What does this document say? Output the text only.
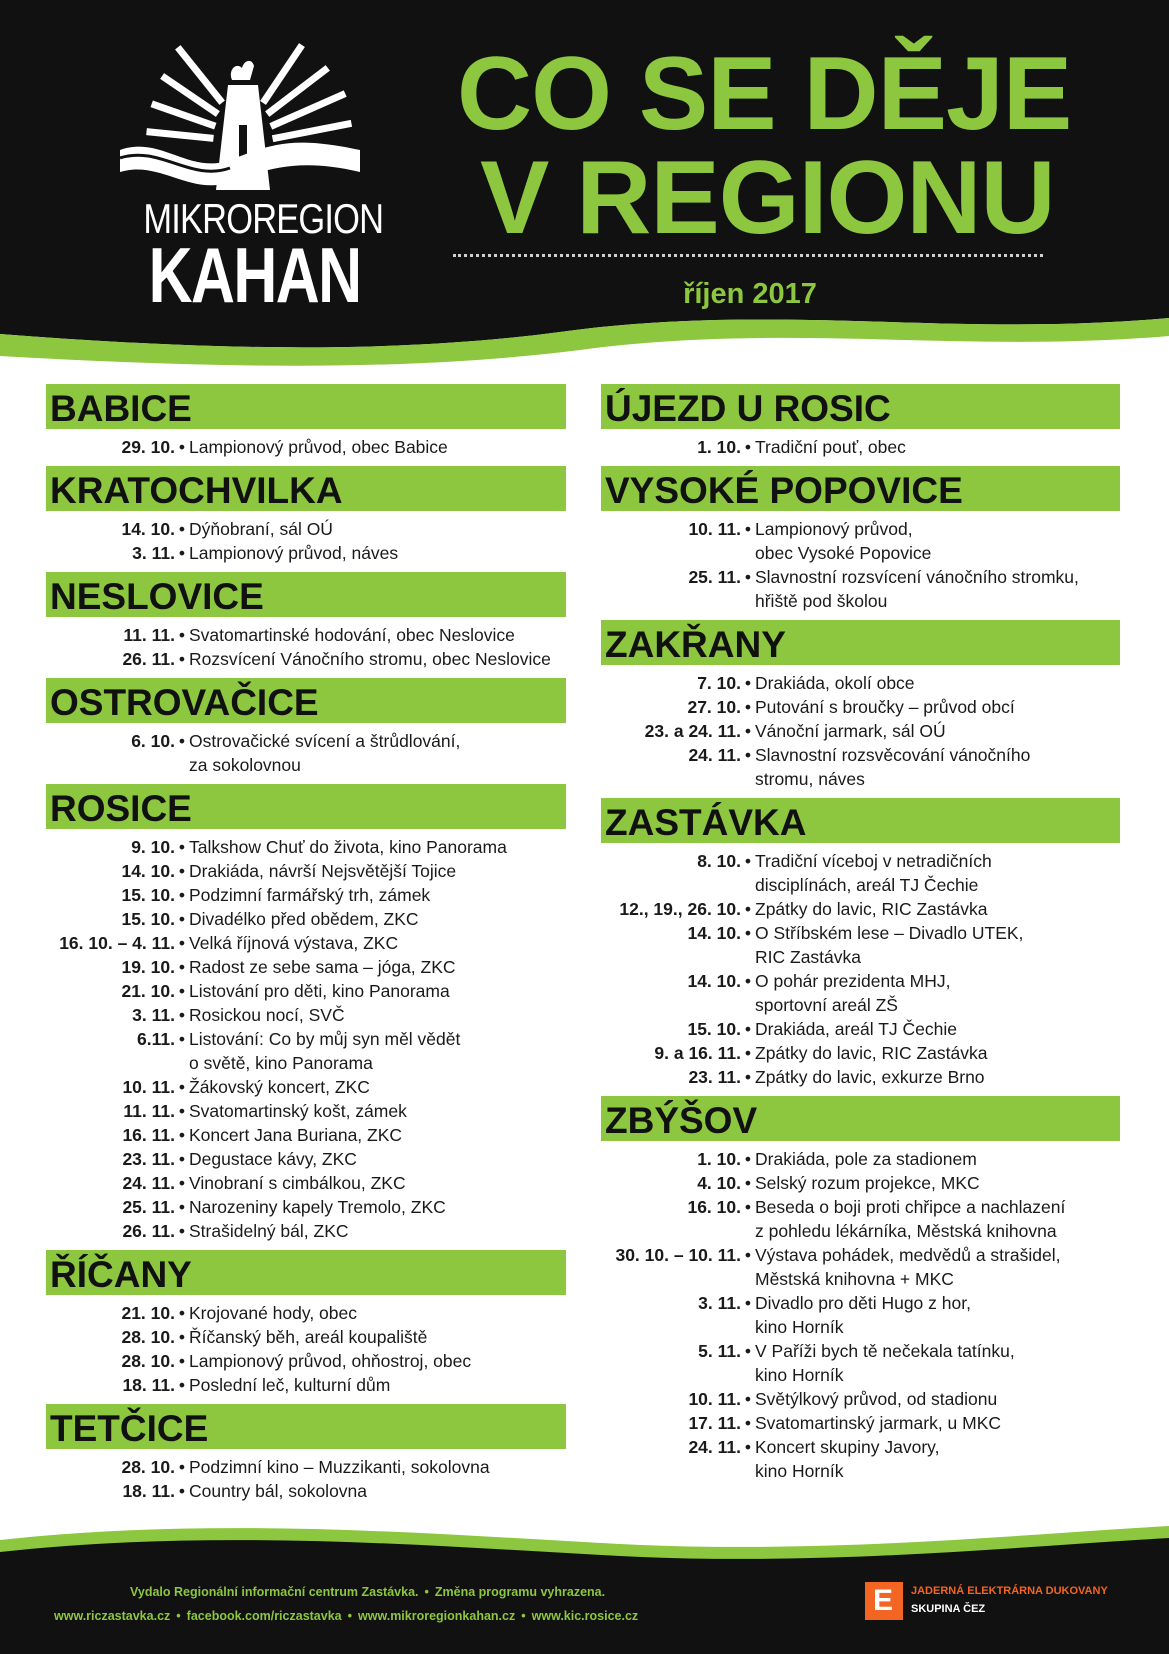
MIKROREGION
KAHAN
CO SE DĚJE
V REGIONU
říjen 2017
BABICE
29. 10. • Lampionový průvod, obec Babice
KRATOCHVILKA
14. 10. • Dýňobraní, sál OÚ
3. 11. • Lampionový průvod, náves
NESLOVICE
11. 11. • Svatomartinské hodování, obec Neslovice
26. 11. • Rozsvícení Vánočního stromu, obec Neslovice
OSTROVAČICE
6. 10. • Ostrovačické svícení a štrůdlování,
za sokolovnou
ROSICE
9. 10. • Talkshow Chuť do života, kino Panorama
14. 10. • Drakiáda, návrší Nejsvětější Tojice
15. 10. • Podzimní farmářský trh, zámek
15. 10. • Divadélko před obědem, ZKC
16. 10. – 4. 11. • Velká říjnová výstava, ZKC
19. 10. • Radost ze sebe sama – jóga, ZKC
21. 10. • Listování pro děti, kino Panorama
3. 11. • Rosickou nocí, SVČ
6.11. • Listování: Co by můj syn měl vědět
o světě, kino Panorama
10. 11. • Žákovský koncert, ZKC
11. 11. • Svatomartinský košt, zámek
16. 11. • Koncert Jana Buriana, ZKC
23. 11. • Degustace kávy, ZKC
24. 11. • Vinobraní s cimbálkou, ZKC
25. 11. • Narozeniny kapely Tremolo, ZKC
26. 11. • Strašidelný bál, ZKC
ŘÍČANY
21. 10. • Krojované hody, obec
28. 10. • Říčanský běh, areál koupaliště
28. 10. • Lampionový průvod, ohňostroj, obec
18. 11. • Poslední leč, kulturní dům
TETČICE
28. 10. • Podzimní kino – Muzzikanti, sokolovna
18. 11. • Country bál, sokolovna
ÚJEZD U ROSIC
1. 10. • Tradiční pouť, obec
VYSOKÉ POPOVICE
10. 11. • Lampionový průvod,
obec Vysoké Popovice
25. 11. • Slavnostní rozsvícení vánočního stromku,
hřiště pod školou
ZAKŘANY
7. 10. • Drakiáda, okolí obce
27. 10. • Putování s broučky – průvod obcí
23. a 24. 11. • Vánoční jarmark, sál OÚ
24. 11. • Slavnostní rozsvěcování vánočního
stromu, náves
ZASTÁVKA
8. 10. • Tradiční víceboj v netradičních
disciplínách, areál TJ Čechie
12., 19., 26. 10. • Zpátky do lavic, RIC Zastávka
14. 10. • O Stříbském lese – Divadlo UTEK,
RIC Zastávka
14. 10. • O pohár prezidenta MHJ,
sportovní areál ZŠ
15. 10. • Drakiáda, areál TJ Čechie
9. a 16. 11. • Zpátky do lavic, RIC Zastávka
23. 11. • Zpátky do lavic, exkurze Brno
ZBÝŠOV
1. 10. • Drakiáda, pole za stadionem
4. 10. • Selský rozum projekce, MKC
16. 10. • Beseda o boji proti chřipce a nachlazení
z pohledu lékárníka, Městská knihovna
30. 10. – 10. 11. • Výstava pohádek, medvědů a strašidel,
Městská knihovna + MKC
3. 11. • Divadlo pro děti Hugo z hor,
kino Horník
5. 11. • V Paříži bych tě nečekala tatínku,
kino Horník
10. 11. • Světýlkový průvod, od stadionu
17. 11. • Svatomartinský jarmark, u MKC
24. 11. • Koncert skupiny Javory,
kino Horník
Vydalo Regionální informační centrum Zastávka. • Změna programu vyhrazena.
www.riczastavka.cz • facebook.com/riczastavka • www.mikroregionkahan.cz • www.kic.rosice.cz	E JADERNÁ ELEKTRÁRNA DUKOVANY
SKUPINA ČEZ
